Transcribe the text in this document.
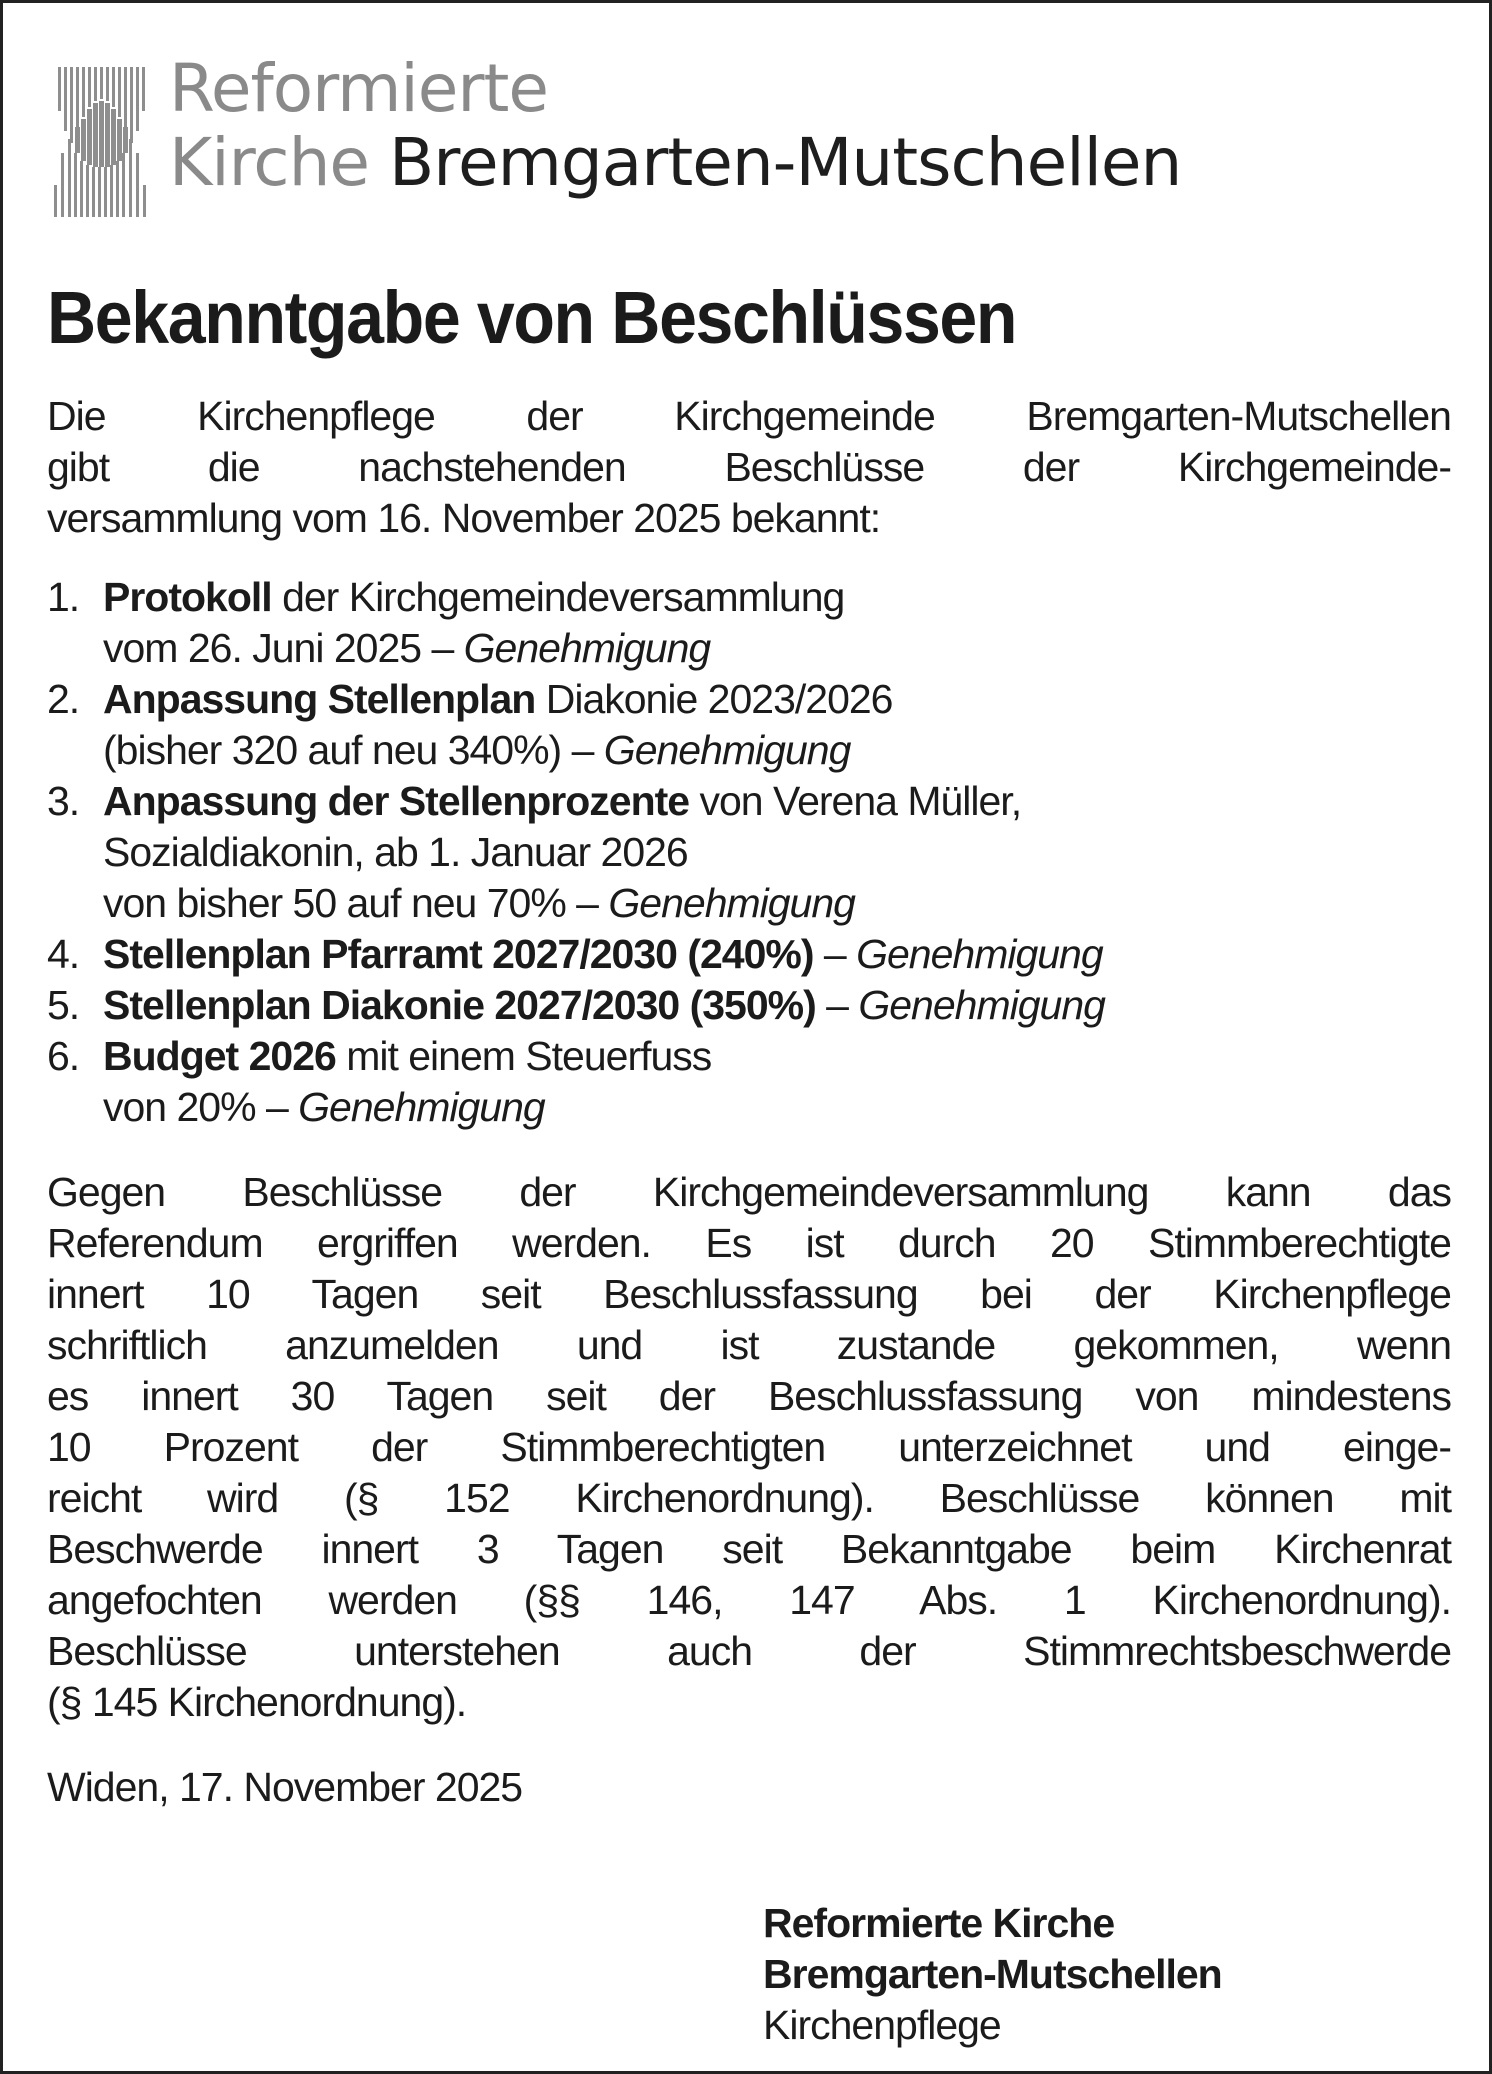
Reformierte
Kirche Bremgarten-Mutschellen
Bekanntgabe von Beschlüssen
Die Kirchenpflege der Kirchgemeinde Bremgarten-Mutschellen
gibt die nachstehenden Beschlüsse der Kirchgemeinde-
versammlung vom 16. November 2025 bekannt:
1. Protokoll der Kirchgemeindeversammlung
vom 26. Juni 2025 – Genehmigung
2. Anpassung Stellenplan Diakonie 2023/2026
(bisher 320 auf neu 340%) – Genehmigung
3. Anpassung der Stellenprozente von Verena Müller,
Sozialdiakonin, ab 1. Januar 2026
von bisher 50 auf neu 70% – Genehmigung
4. Stellenplan Pfarramt 2027/2030 (240%) – Genehmigung
5. Stellenplan Diakonie 2027/2030 (350%) – Genehmigung
6. Budget 2026 mit einem Steuerfuss
von 20% – Genehmigung
Gegen Beschlüsse der Kirchgemeindeversammlung kann das
Referendum ergriffen werden. Es ist durch 20 Stimmberechtigte
innert 10 Tagen seit Beschlussfassung bei der Kirchenpflege
schriftlich anzumelden und ist zustande gekommen, wenn
es innert 30 Tagen seit der Beschlussfassung von mindestens
10 Prozent der Stimmberechtigten unterzeichnet und einge-
reicht wird (§ 152 Kirchenordnung). Beschlüsse können mit
Beschwerde innert 3 Tagen seit Bekanntgabe beim Kirchenrat
angefochten werden (§§ 146, 147 Abs. 1 Kirchenordnung).
Beschlüsse unterstehen auch der Stimmrechtsbeschwerde
(§ 145 Kirchenordnung).
Widen, 17. November 2025
Reformierte Kirche
Bremgarten-Mutschellen
Kirchenpflege
